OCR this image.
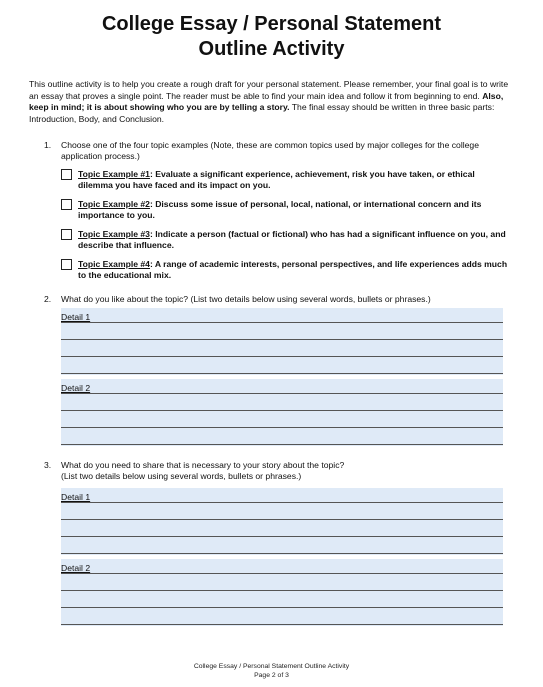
College Essay / Personal Statement
Outline Activity
This outline activity is to help you create a rough draft for your personal statement. Please remember, your final goal is to write an essay that proves a single point. The reader must be able to find your main idea and follow it from beginning to end. Also, keep in mind; it is about showing who you are by telling a story. The final essay should be written in three basic parts: Introduction, Body, and Conclusion.
1. Choose one of the four topic examples (Note, these are common topics used by major colleges for the college application process.)
Topic Example #1: Evaluate a significant experience, achievement, risk you have taken, or ethical dilemma you have faced and its impact on you.
Topic Example #2: Discuss some issue of personal, local, national, or international concern and its importance to you.
Topic Example #3: Indicate a person (factual or fictional) who has had a significant influence on you, and describe that influence.
Topic Example #4: A range of academic interests, personal perspectives, and life experiences adds much to the educational mix.
2. What do you like about the topic? (List two details below using several words, bullets or phrases.)
Detail 1
Detail 2
3. What do you need to share that is necessary to your story about the topic?
(List two details below using several words, bullets or phrases.)
Detail 1
Detail 2
College Essay / Personal Statement Outline Activity
Page 2 of 3
